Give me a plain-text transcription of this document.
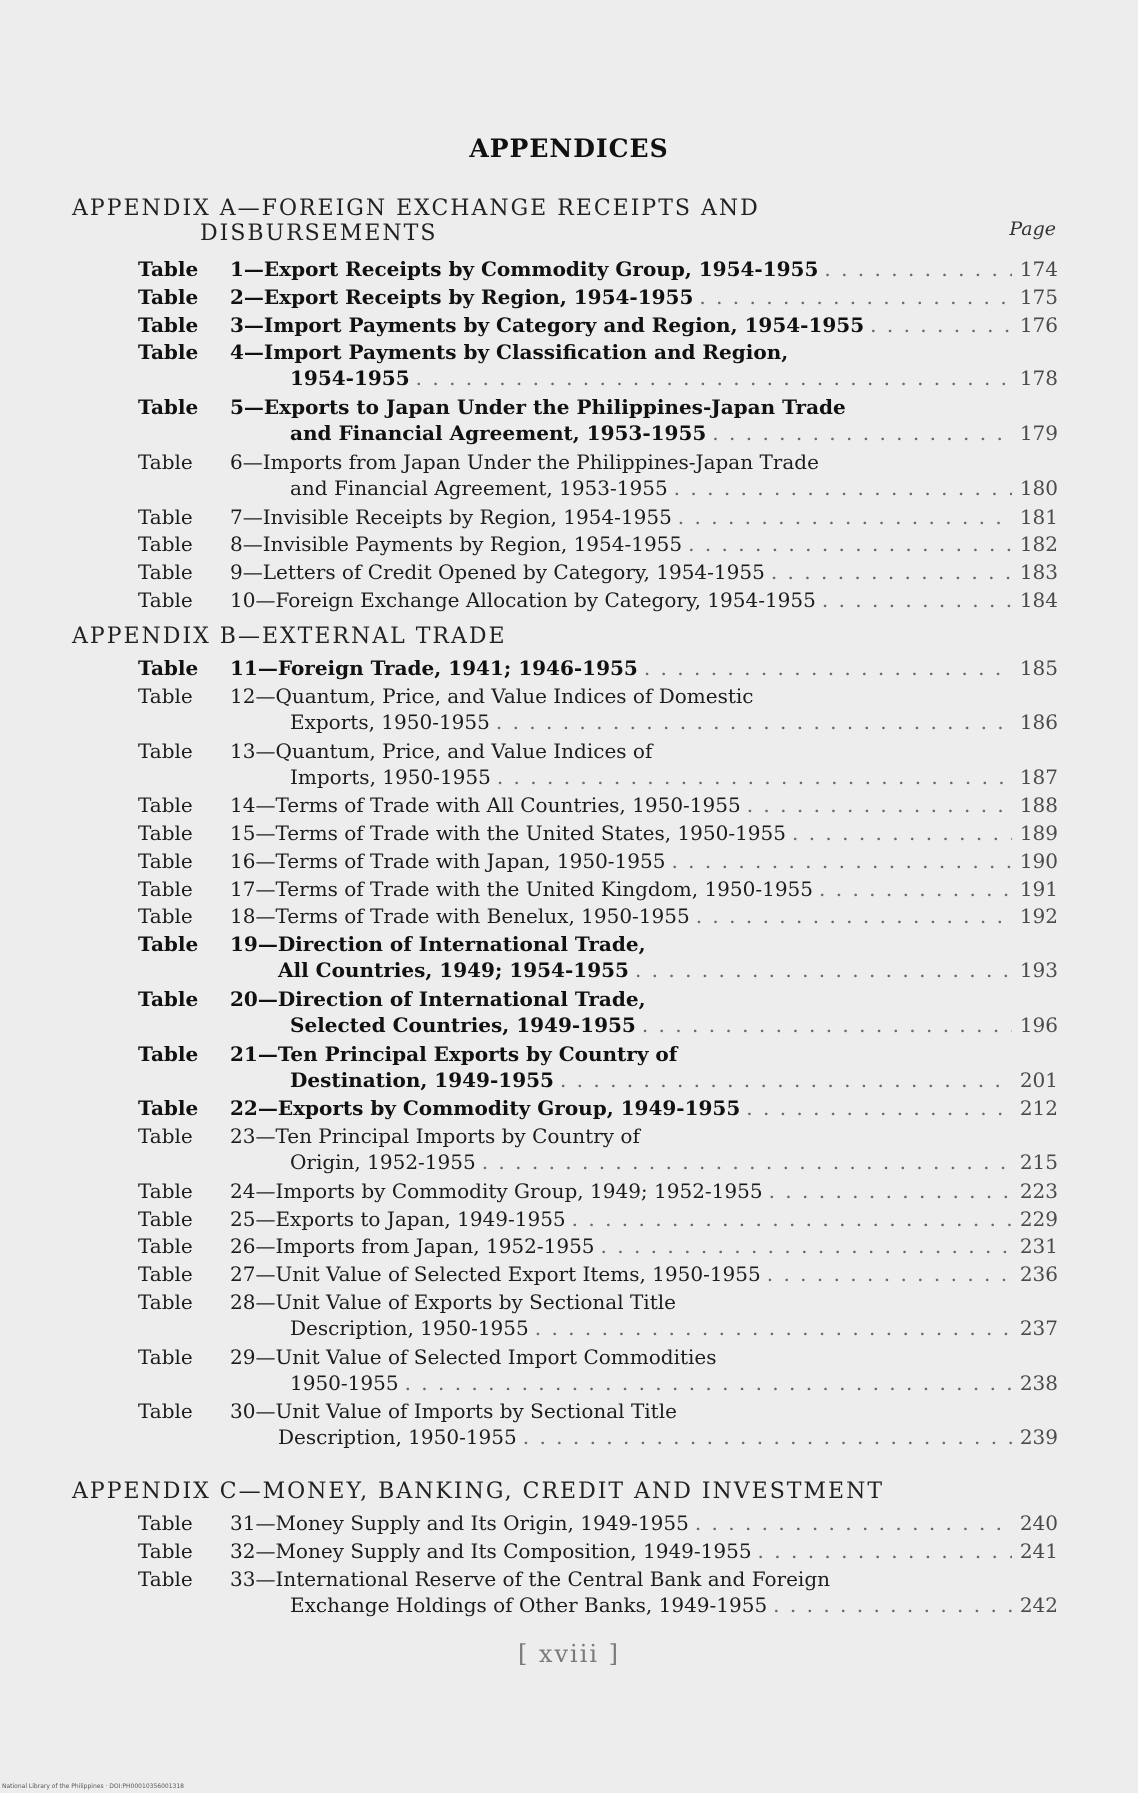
APPENDICES
Page
APPENDIX A—FOREIGN EXCHANGE RECEIPTS AND
DISBURSEMENTS
Table	1—Export Receipts by Commodity Group, 1954-1955 . . .	174
Table	2—Export Receipts by Region, 1954-1955 . . .	175
Table	3—Import Payments by Category and Region, 1954-1955 . . .	176
Table	4—Import Payments by Classification and Region,
1954-1955 . . .	178
Table	5—Exports to Japan Under the Philippines-Japan Trade
and Financial Agreement, 1953-1955 . . .	179
Table	6—Imports from Japan Under the Philippines-Japan Trade
and Financial Agreement, 1953-1955 . . .	180
Table	7—Invisible Receipts by Region, 1954-1955 . . .	181
Table	8—Invisible Payments by Region, 1954-1955 . . .	182
Table	9—Letters of Credit Opened by Category, 1954-1955 . . .	183
Table	10—Foreign Exchange Allocation by Category, 1954-1955 . . .	184
APPENDIX B—EXTERNAL TRADE
Table	11—Foreign Trade, 1941; 1946-1955 . . .	185
Table	12—Quantum, Price, and Value Indices of Domestic
Exports, 1950-1955 . . .	186
Table	13—Quantum, Price, and Value Indices of
Imports, 1950-1955 . . .	187
Table	14—Terms of Trade with All Countries, 1950-1955 . . .	188
Table	15—Terms of Trade with the United States, 1950-1955 . . .	189
Table	16—Terms of Trade with Japan, 1950-1955 . . .	190
Table	17—Terms of Trade with the United Kingdom, 1950-1955 . . .	191
Table	18—Terms of Trade with Benelux, 1950-1955 . . .	192
Table	19—Direction of International Trade,
All Countries, 1949; 1954-1955 . . .	193
Table	20—Direction of International Trade,
Selected Countries, 1949-1955 . . .	196
Table	21—Ten Principal Exports by Country of
Destination, 1949-1955 . . .	201
Table	22—Exports by Commodity Group, 1949-1955 . . .	212
Table	23—Ten Principal Imports by Country of
Origin, 1952-1955 . . .	215
Table	24—Imports by Commodity Group, 1949; 1952-1955 . . .	223
Table	25—Exports to Japan, 1949-1955 . . .	229
Table	26—Imports from Japan, 1952-1955 . . .	231
Table	27—Unit Value of Selected Export Items, 1950-1955 . . .	236
Table	28—Unit Value of Exports by Sectional Title
Description, 1950-1955 . . .	237
Table	29—Unit Value of Selected Import Commodities
1950-1955 . . .	238
Table	30—Unit Value of Imports by Sectional Title
Description, 1950-1955 . . .	239
APPENDIX C—MONEY, BANKING, CREDIT AND INVESTMENT
Table	31—Money Supply and Its Origin, 1949-1955 . . .	240
Table	32—Money Supply and Its Composition, 1949-1955 . . .	241
Table	33—International Reserve of the Central Bank and Foreign
Exchange Holdings of Other Banks, 1949-1955 . . .	242
[ xviii ]
National Library of the Philippines · DOI:PH00010356001318
